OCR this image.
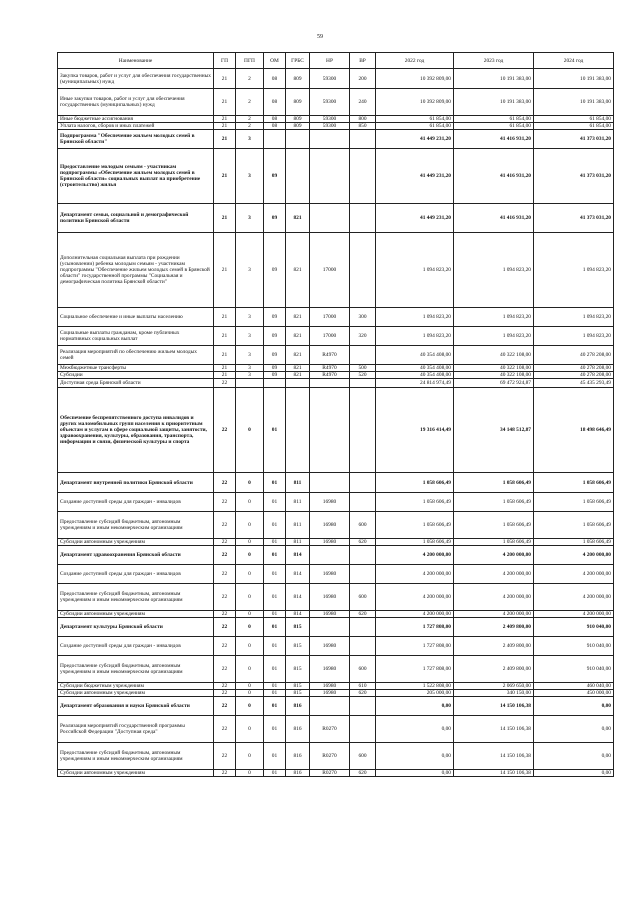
59
Наименование	ГП	ПГП	ОМ	ГРБС	НР	ВР	2022 год	2023 год	2024 год
Закупка товаров, работ и услуг для обеспечения государственных (муниципальных) нужд	21	2	08	809	59300	200	10 392 809,00	10 191 383,00	10 191 383,00
Иные закупки товаров, работ и услуг для обеспечения государственных (муниципальных) нужд	21	2	08	809	59300	240	10 392 809,00	10 191 383,00	10 191 383,00
Иные бюджетные ассигнования	21	2	08	809	59300	800	61 854,00	61 854,00	61 854,00
Уплата налогов, сборов и иных платежей	21	2	08	809	59300	850	61 854,00	61 854,00	61 854,00
Подпрограмма "Обеспечение жильем молодых семей в Брянской области"	21	3					41 449 231,20	41 416 931,20	41 373 031,20
Предоставление молодым семьям - участникам подпрограммы «Обеспечение жильем молодых семей в Брянской области» социальных выплат на приобретение (строительство) жилья	21	3	09				41 449 231,20	41 416 931,20	41 373 031,20
Департамент семьи, социальной и демографической политики Брянской области	21	3	09	821			41 449 231,20	41 416 931,20	41 373 031,20
Дополнительная социальная выплата при рождении (усыновлении) ребенка молодым семьям - участникам подпрограммы "Обеспечение жильем молодых семей в Брянской области" государственной программы "Социальная и демографическая политика Брянской области"	21	3	09	821	17000		1 094 823,20	1 094 823,20	1 094 823,20
Социальное обеспечение и иные выплаты населению	21	3	09	821	17000	300	1 094 823,20	1 094 823,20	1 094 823,20
Социальные выплаты гражданам, кроме публичных нормативных социальных выплат	21	3	09	821	17000	320	1 094 823,20	1 094 823,20	1 094 823,20
Реализация мероприятий по обеспечению жильем молодых семей	21	3	09	821	R4970		40 354 408,00	40 322 108,00	40 278 208,00
Межбюджетные трансферты	21	3	09	821	R4970	500	40 354 408,00	40 322 108,00	40 278 208,00
Субсидии	21	3	09	821	R4970	520	40 354 408,00	40 322 108,00	40 278 208,00
Доступная среда Брянской области	22						24 814 974,49	69 472 924,87	45 435 293,49
Обеспечение беспрепятственного доступа инвалидов и других маломобильных групп населения к приоритетным объектам и услугам в сфере социальной защиты, занятости, здравоохранения, культуры, образования, транспорта, информации и связи, физической культуры и спорта	22	0	01				19 316 414,49	34 148 512,87	18 498 646,49
Департамент внутренней политики Брянской области	22	0	01	811			1 058 606,49	1 058 606,49	1 058 606,49
Создание доступной среды для граждан - инвалидов	22	0	01	811	16980		1 058 606,49	1 058 606,49	1 058 606,49
Предоставление субсидий бюджетным, автономным учреждениям и иным некоммерческим организациям	22	0	01	811	16980	600	1 058 606,49	1 058 606,49	1 058 606,49
Субсидии автономным учреждениям	22	0	01	811	16980	620	1 058 606,49	1 058 606,49	1 058 606,49
Департамент здравоохранения Брянской области	22	0	01	814			4 200 000,00	4 200 000,00	4 200 000,00
Создание доступной среды для граждан - инвалидов	22	0	01	814	16980		4 200 000,00	4 200 000,00	4 200 000,00
Предоставление субсидий бюджетным, автономным учреждениям и иным некоммерческим организациям	22	0	01	814	16980	600	4 200 000,00	4 200 000,00	4 200 000,00
Субсидии автономным учреждениям	22	0	01	814	16980	620	4 200 000,00	4 200 000,00	4 200 000,00
Департамент культуры Брянской области	22	0	01	815			1 727 808,00	2 409 800,00	910 040,00
Создание доступной среды для граждан - инвалидов	22	0	01	815	16980		1 727 808,00	2 409 800,00	910 040,00
Предоставление субсидий бюджетным, автономным учреждениям и иным некоммерческим организациям	22	0	01	815	16980	600	1 727 808,00	2 409 800,00	910 040,00
Субсидии бюджетным учреждениям	22	0	01	815	16980	610	1 522 808,00	2 069 650,00	460 040,00
Субсидии автономным учреждениям	22	0	01	815	16980	620	205 000,00	340 150,00	450 000,00
Департамент образования и науки Брянской области	22	0	01	816			0,00	14 150 106,38	0,00
Реализация мероприятий государственной программы Российской Федерации "Доступная среда"	22	0	01	816	R0270		0,00	14 150 106,38	0,00
Предоставление субсидий бюджетным, автономным учреждениям и иным некоммерческим организациям	22	0	01	816	R0270	600	0,00	14 150 106,38	0,00
Субсидии автономным учреждениям	22	0	01	816	R0270	620	0,00	14 150 106,38	0,00
